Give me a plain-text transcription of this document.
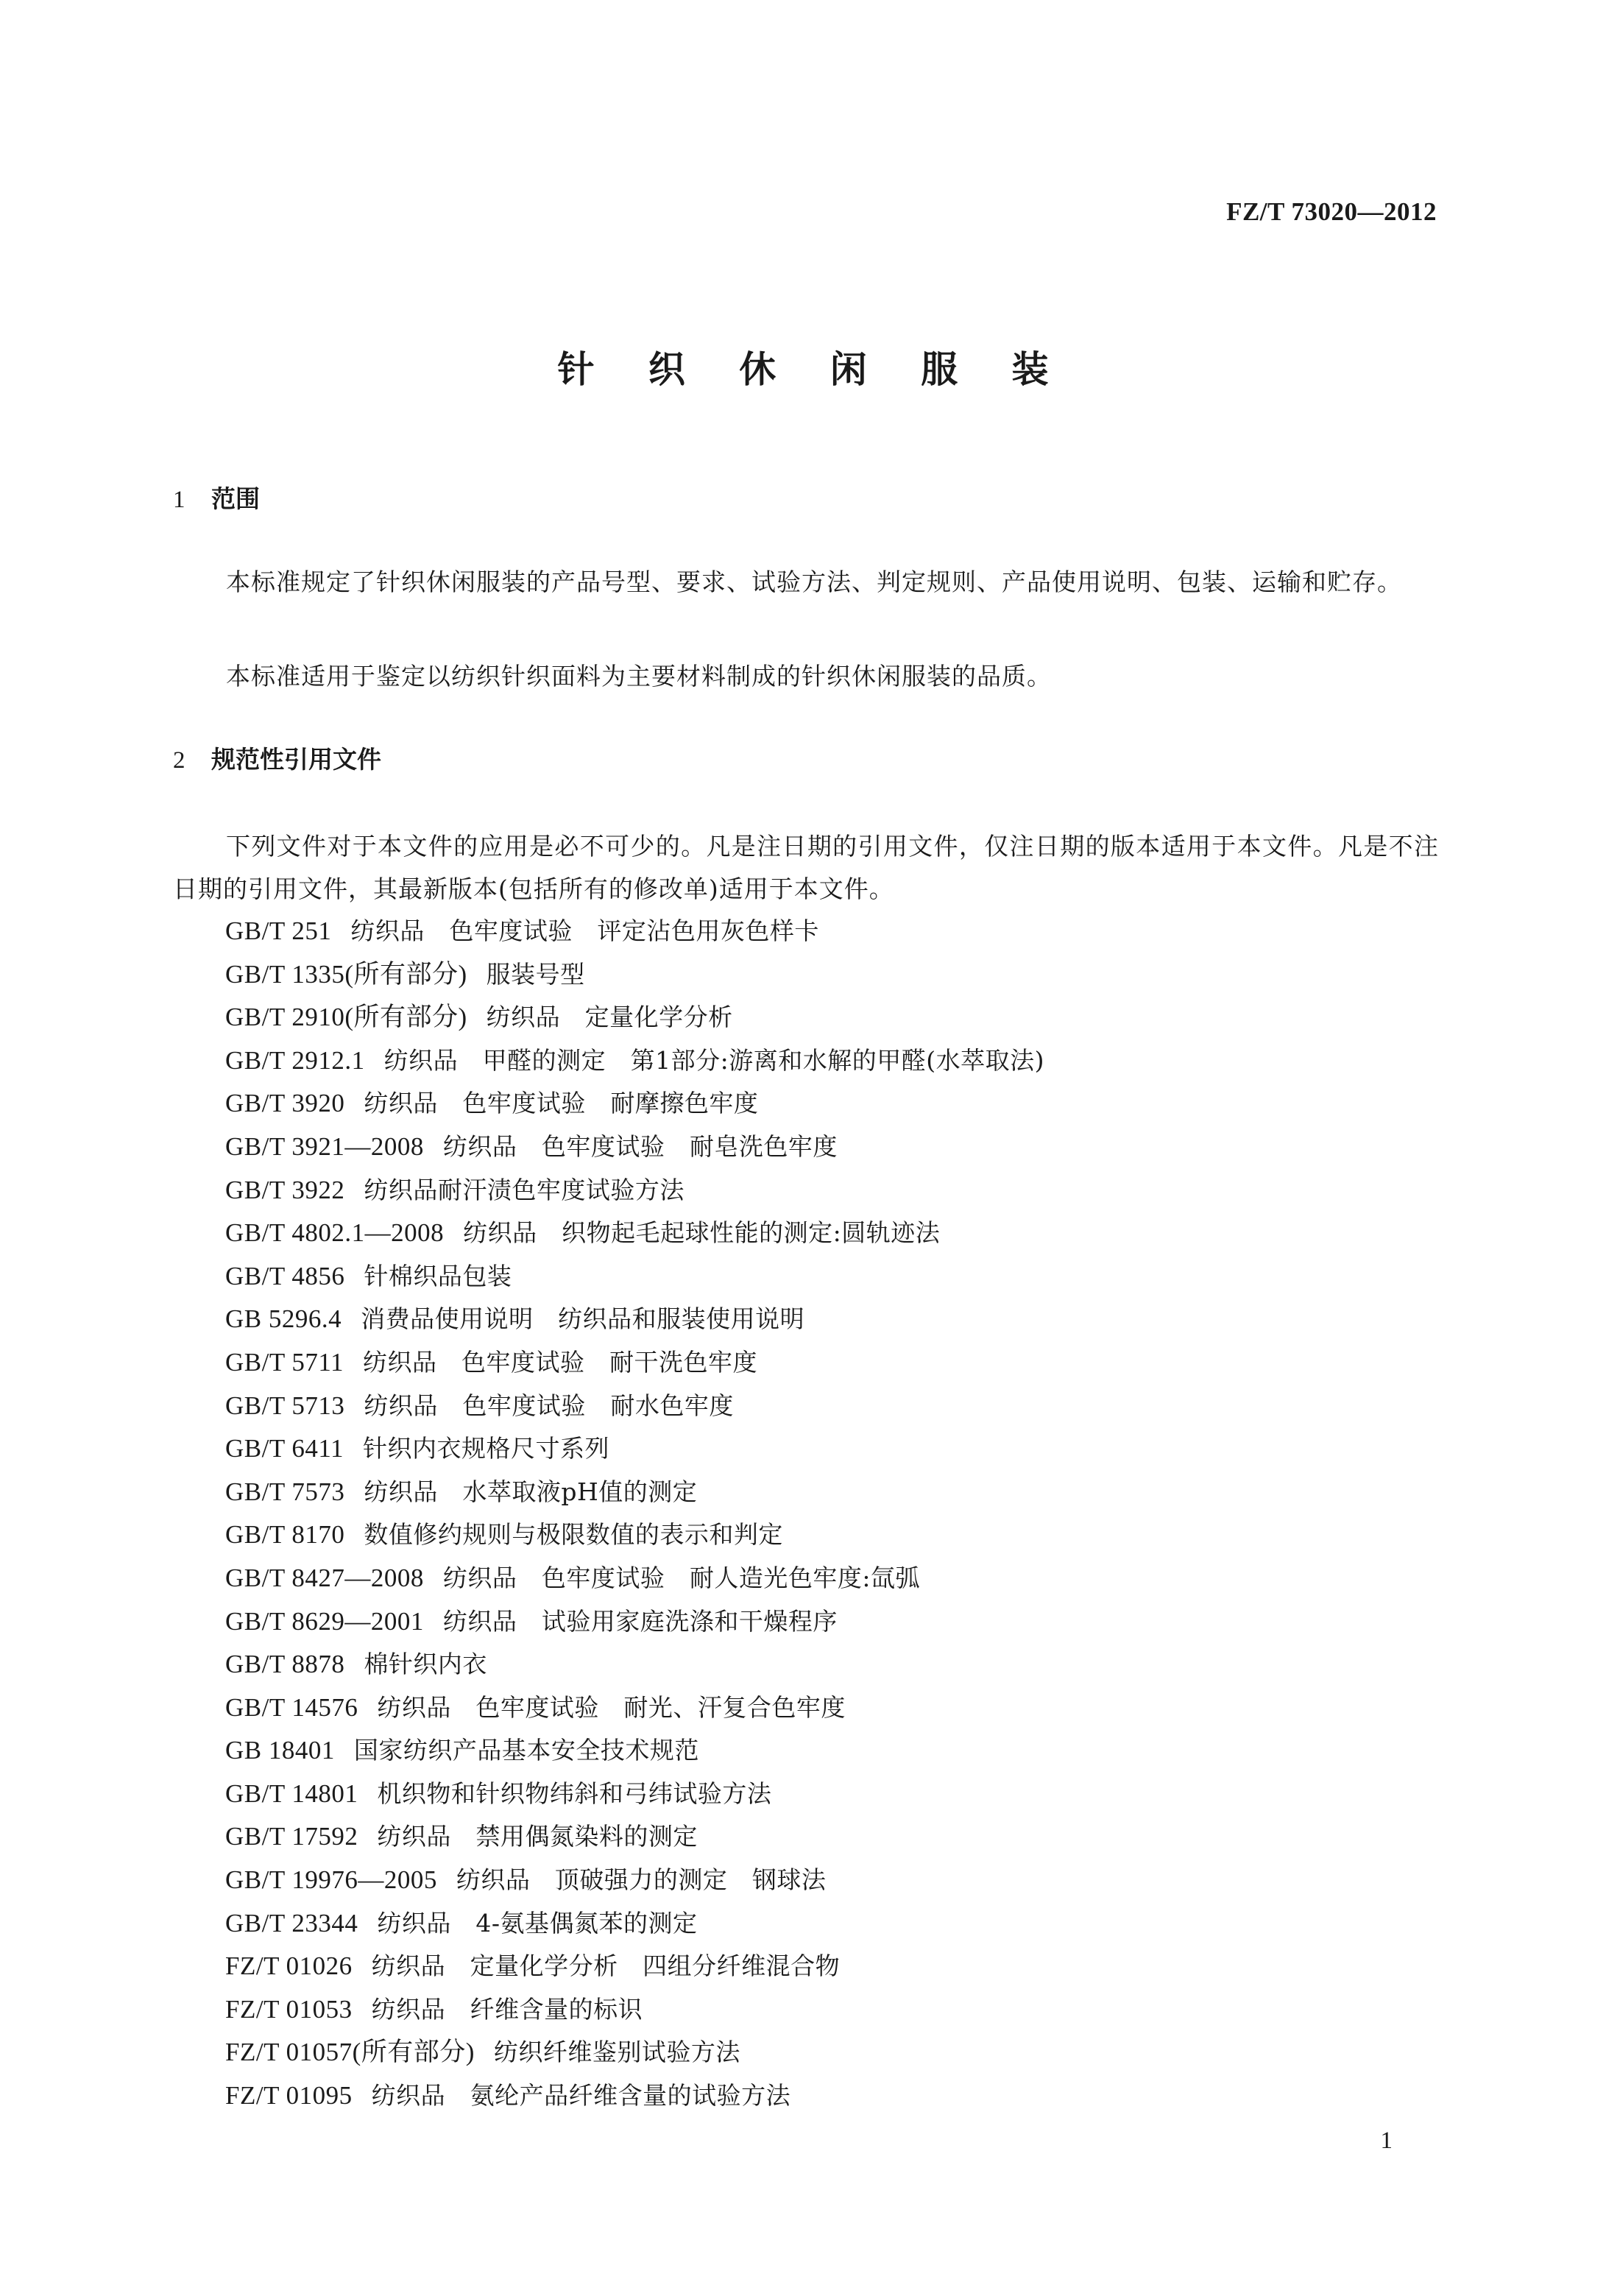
FZ/T 73020—2012
针 织 休 闲 服 装
1 范围

本标准规定了针织休闲服装的产品号型、要求、试验方法、判定规则、产品使用说明、包装、运输和贮存。

本标准适用于鉴定以纺织针织面料为主要材料制成的针织休闲服装的品质。

2 规范性引用文件

下列文件对于本文件的应用是必不可少的。凡是注日期的引用文件，仅注日期的版本适用于本文件。凡是不注日期的引用文件，其最新版本(包括所有的修改单)适用于本文件。

GB/T 251 纺织品　色牢度试验　评定沾色用灰色样卡
GB/T 1335(所有部分) 服装号型
GB/T 2910(所有部分) 纺织品　定量化学分析
GB/T 2912.1 纺织品　甲醛的测定　第1部分:游离和水解的甲醛(水萃取法)
GB/T 3920 纺织品　色牢度试验　耐摩擦色牢度
GB/T 3921—2008 纺织品　色牢度试验　耐皂洗色牢度
GB/T 3922 纺织品耐汗渍色牢度试验方法
GB/T 4802.1—2008 纺织品　织物起毛起球性能的测定:圆轨迹法
GB/T 4856 针棉织品包装
GB 5296.4 消费品使用说明　纺织品和服装使用说明
GB/T 5711 纺织品　色牢度试验　耐干洗色牢度
GB/T 5713 纺织品　色牢度试验　耐水色牢度
GB/T 6411 针织内衣规格尺寸系列
GB/T 7573 纺织品　水萃取液pH值的测定
GB/T 8170 数值修约规则与极限数值的表示和判定
GB/T 8427—2008 纺织品　色牢度试验　耐人造光色牢度:氙弧
GB/T 8629—2001 纺织品　试验用家庭洗涤和干燥程序
GB/T 8878 棉针织内衣
GB/T 14576 纺织品　色牢度试验　耐光、汗复合色牢度
GB 18401 国家纺织产品基本安全技术规范
GB/T 14801 机织物和针织物纬斜和弓纬试验方法
GB/T 17592 纺织品　禁用偶氮染料的测定
GB/T 19976—2005 纺织品　顶破强力的测定　钢球法
GB/T 23344 纺织品　4-氨基偶氮苯的测定
FZ/T 01026 纺织品　定量化学分析　四组分纤维混合物
FZ/T 01053 纺织品　纤维含量的标识
FZ/T 01057(所有部分) 纺织纤维鉴别试验方法
FZ/T 01095 纺织品　氨纶产品纤维含量的试验方法
1
